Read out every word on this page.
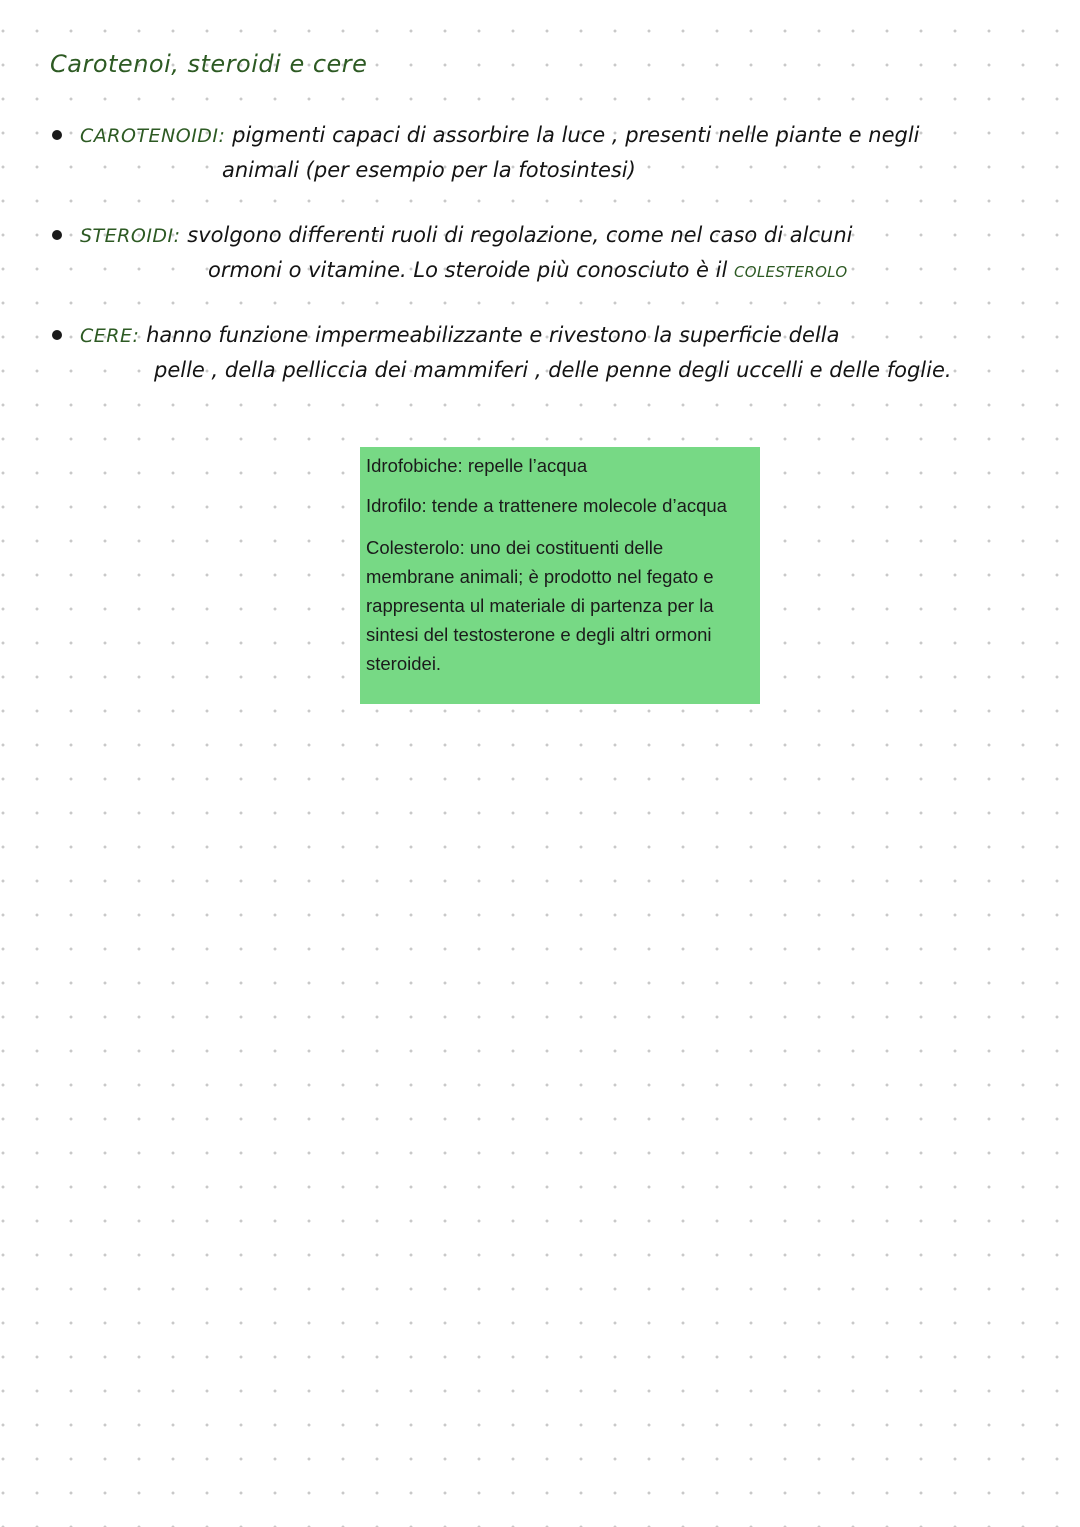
Carotenoi, steroidi e cere
CAROTENOIDI: pigmenti capaci di assorbire la luce , presenti nelle piante e negli
animali (per esempio per la fotosintesi)
STEROIDI: svolgono differenti ruoli di regolazione, come nel caso di alcuni
ormoni o vitamine. Lo steroide più conosciuto è il COLESTEROLO
CERE: hanno funzione impermeabilizzante e rivestono la superficie della
pelle , della pelliccia dei mammiferi , delle penne degli uccelli e delle foglie.
Idrofobiche: repelle l’acqua
Idrofilo: tende a trattenere molecole d’acqua
Colesterolo: uno dei costituenti delle membrane animali; è prodotto nel fegato e rappresenta ul materiale di partenza per la sintesi del testosterone e degli altri ormoni steroidei.
